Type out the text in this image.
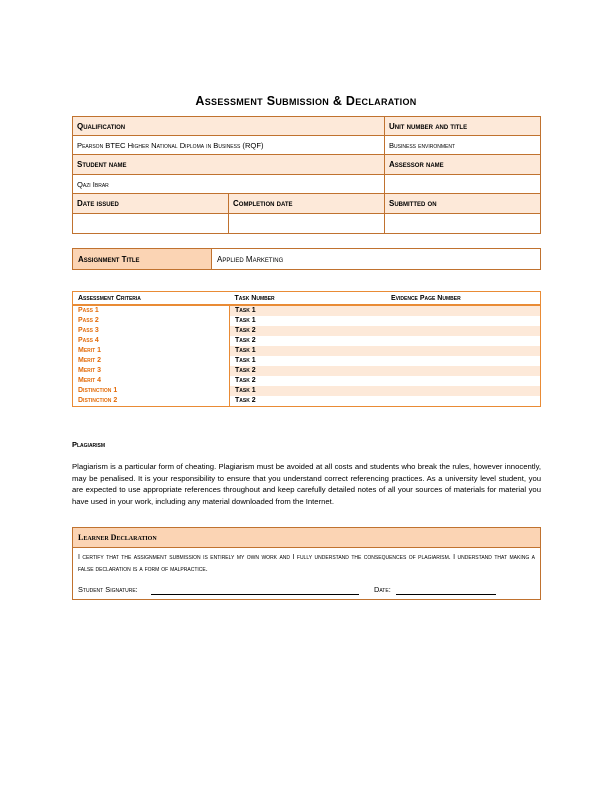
Assessment Submission & Declaration
Qualification		Unit number and title
Pearson BTEC Higher National Diploma in Business (RQF)		Business environment
Student name		Assessor name
Qazi Ibrar		
Date issued	Completion date	Submitted on

Assignment Title	Applied Marketing
Assessment Criteria	Task Number	Evidence Page Number
Pass 1	Task 1	
Pass 2	Task 1	
Pass 3	Task 2	
Pass 4	Task 2	
Merit 1	Task 1	
Merit 2	Task 1	
Merit 3	Task 2	
Merit 4	Task 2	
Distinction 1	Task 1	
Distinction 2	Task 2	
Plagiarism
Plagiarism is a particular form of cheating. Plagiarism must be avoided at all costs and students who break the rules, however innocently, may be penalised. It is your responsibility to ensure that you understand correct referencing practices. As a university level student, you are expected to use appropriate references throughout and keep carefully detailed notes of all your sources of materials for material you have used in your work, including any material downloaded from the Internet.
Learner Declaration

I certify that the assignment submission is entirely my own work and I fully understand the consequences of plagiarism. I understand that making a false declaration is a form of malpractice.
Student Signature:	Date:
